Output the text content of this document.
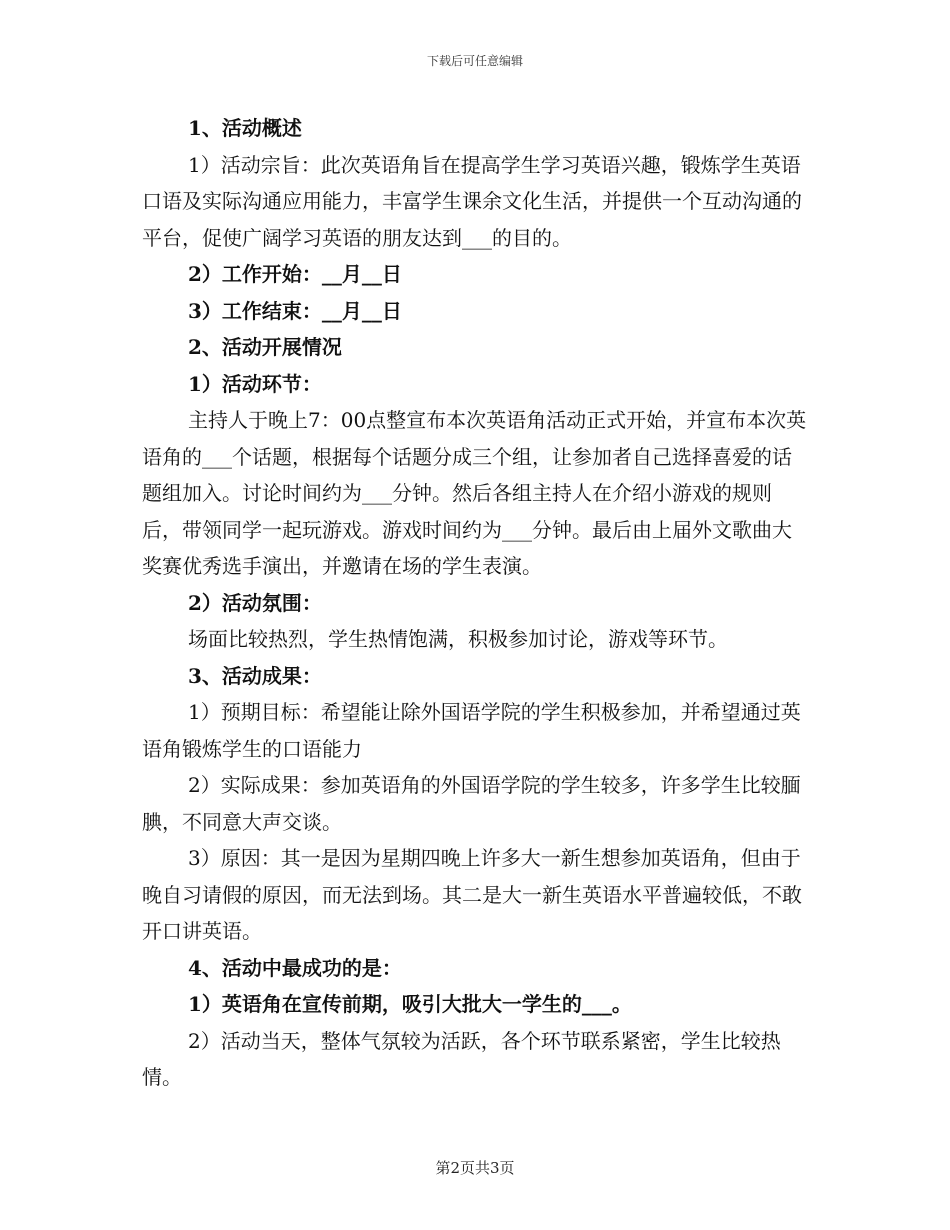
下载后可任意编辑

1、活动概述

1）活动宗旨：此次英语角旨在提高学生学习英语兴趣，锻炼学生英语口语及实际沟通应用能力，丰富学生课余文化生活，并提供一个互动沟通的平台，促使广阔学习英语的朋友达到___的目的。

2）工作开始：__月__日

3）工作结束：__月__日

2、活动开展情况

1）活动环节：

主持人于晚上7：00点整宣布本次英语角活动正式开始，并宣布本次英语角的___个话题，根据每个话题分成三个组，让参加者自己选择喜爱的话题组加入。讨论时间约为___分钟。然后各组主持人在介绍小游戏的规则后，带领同学一起玩游戏。游戏时间约为___分钟。最后由上届外文歌曲大奖赛优秀选手演出，并邀请在场的学生表演。

2）活动氛围：

场面比较热烈，学生热情饱满，积极参加讨论，游戏等环节。

3、活动成果：

1）预期目标：希望能让除外国语学院的学生积极参加，并希望通过英语角锻炼学生的口语能力

2）实际成果：参加英语角的外国语学院的学生较多，许多学生比较腼腆，不同意大声交谈。

3）原因：其一是因为星期四晚上许多大一新生想参加英语角，但由于晚自习请假的原因，而无法到场。其二是大一新生英语水平普遍较低，不敢开口讲英语。

4、活动中最成功的是：

1）英语角在宣传前期，吸引大批大一学生的___。

2）活动当天，整体气氛较为活跃，各个环节联系紧密，学生比较热情。

第2页共3页
